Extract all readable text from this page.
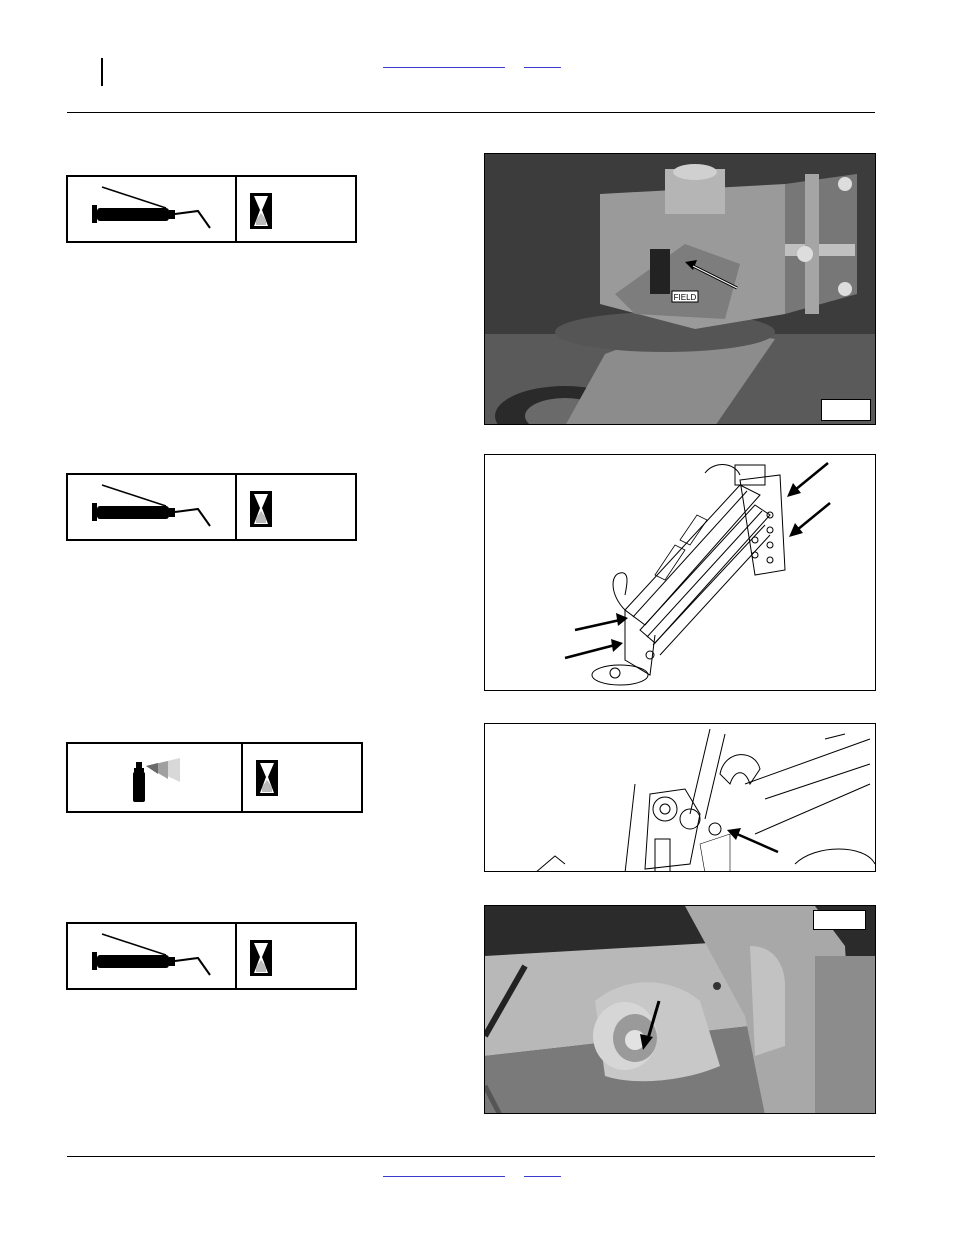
FIELD
